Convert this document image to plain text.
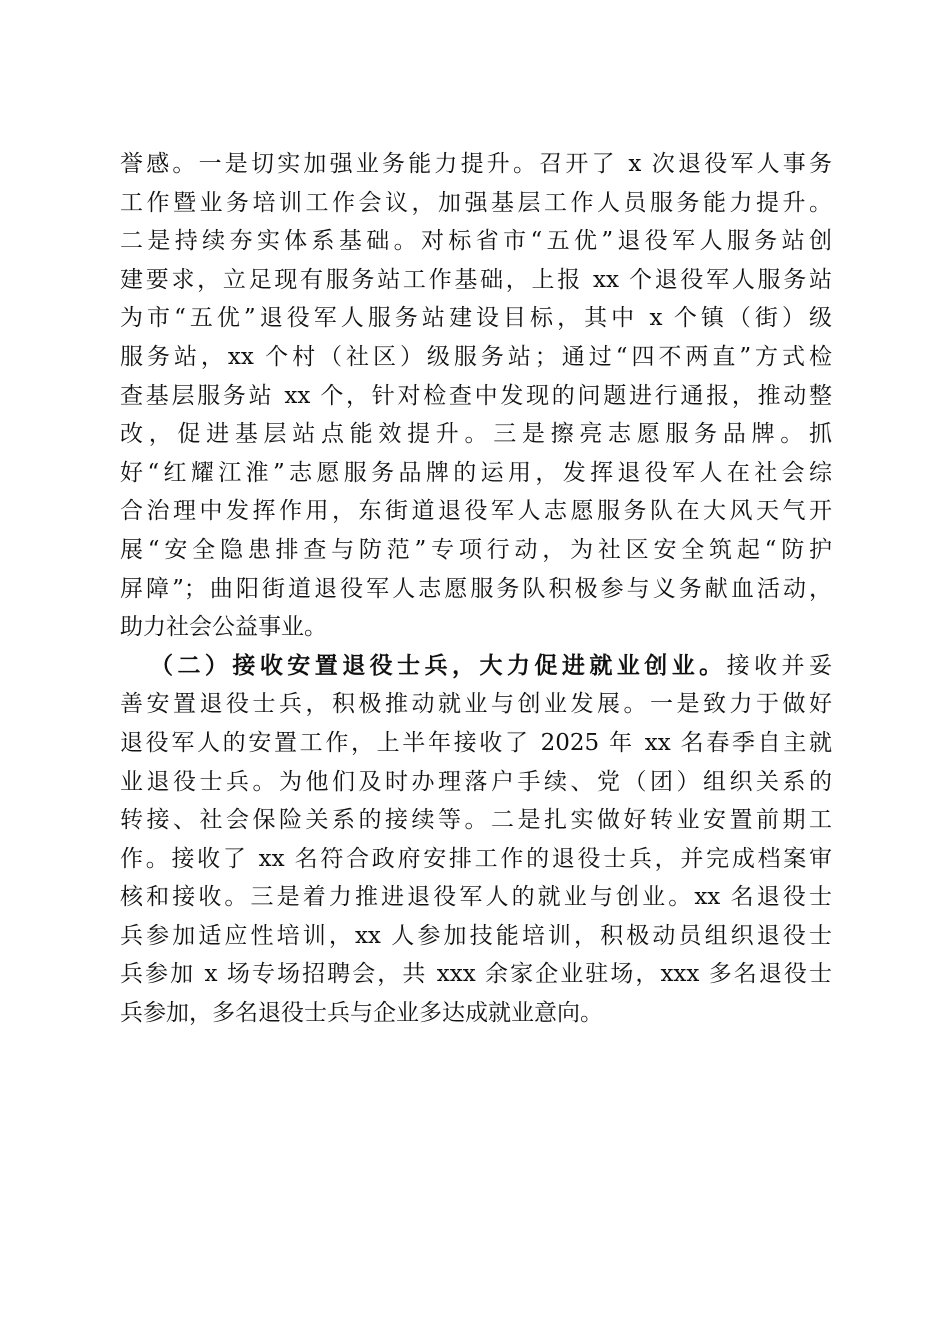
誉感。一是切实加强业务能力提升。召开了 x 次退役军人事务
工作暨业务培训工作会议，加强基层工作人员服务能力提升。
二是持续夯实体系基础。对标省市“五优”退役军人服务站创
建要求，立足现有服务站工作基础，上报 xx 个退役军人服务站
为市“五优”退役军人服务站建设目标，其中 x 个镇（街）级
服务站，xx 个村（社区）级服务站；通过“四不两直”方式检
查基层服务站 xx 个，针对检查中发现的问题进行通报，推动整
改，促进基层站点能效提升。三是擦亮志愿服务品牌。抓
好“红耀江淮”志愿服务品牌的运用，发挥退役军人在社会综
合治理中发挥作用，东街道退役军人志愿服务队在大风天气开
展“安全隐患排查与防范”专项行动，为社区安全筑起“防护
屏障”；曲阳街道退役军人志愿服务队积极参与义务献血活动，
助力社会公益事业。
（二）接收安置退役士兵，大力促进就业创业。接收并妥
善安置退役士兵，积极推动就业与创业发展。一是致力于做好
退役军人的安置工作，上半年接收了 2025 年 xx 名春季自主就
业退役士兵。为他们及时办理落户手续、党（团）组织关系的
转接、社会保险关系的接续等。二是扎实做好转业安置前期工
作。接收了 xx 名符合政府安排工作的退役士兵，并完成档案审
核和接收。三是着力推进退役军人的就业与创业。xx 名退役士
兵参加适应性培训，xx 人参加技能培训，积极动员组织退役士
兵参加 x 场专场招聘会，共 xxx 余家企业驻场，xxx 多名退役士
兵参加，多名退役士兵与企业多达成就业意向。
